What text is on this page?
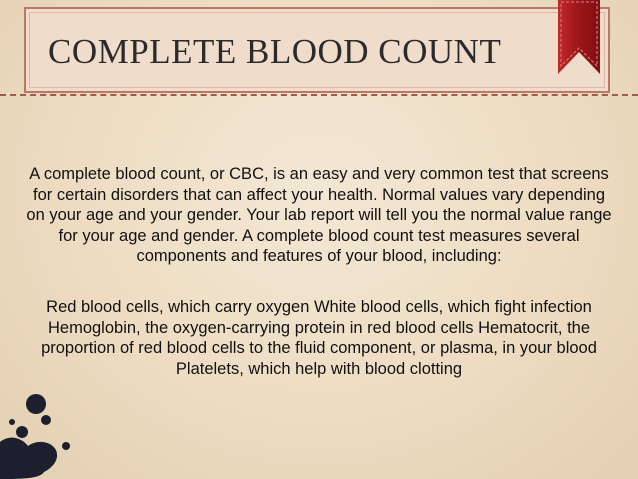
COMPLETE BLOOD COUNT

A complete blood count, or CBC, is an easy and very common test that screens for certain disorders that can affect your health. Normal values vary depending on your age and your gender. Your lab report will tell you the normal value range for your age and gender. A complete blood count test measures several components and features of your blood, including:

Red blood cells, which carry oxygen White blood cells, which fight infection Hemoglobin, the oxygen-carrying protein in red blood cells Hematocrit, the proportion of red blood cells to the fluid component, or plasma, in your blood Platelets, which help with blood clotting
